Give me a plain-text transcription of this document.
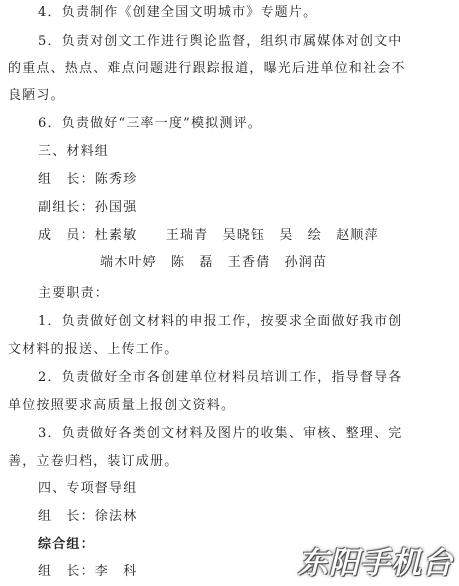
4．负责制作《创建全国文明城市》专题片。
5．负责对创文工作进行舆论监督，组织市属媒体对创文中
的重点、热点、难点问题进行跟踪报道，曝光后进单位和社会不
良陋习。
6．负责做好“三率一度”模拟测评。
三、材料组
组　长：陈秀珍
副组长：孙国强
成　员：杜素敏　　王瑞青　吴晓钰　吴　绘　赵顺萍
端木叶婷　陈　磊　王香倩　孙润苗
主要职责：
1．负责做好创文材料的申报工作，按要求全面做好我市创
文材料的报送、上传工作。
2．负责做好全市各创建单位材料员培训工作，指导督导各
单位按照要求高质量上报创文资料。
3．负责做好各类创文材料及图片的收集、审核、整理、完
善，立卷归档，装订成册。
四、专项督导组
组　长：徐法林
综合组：
组　长：李　科	东阳手机台
